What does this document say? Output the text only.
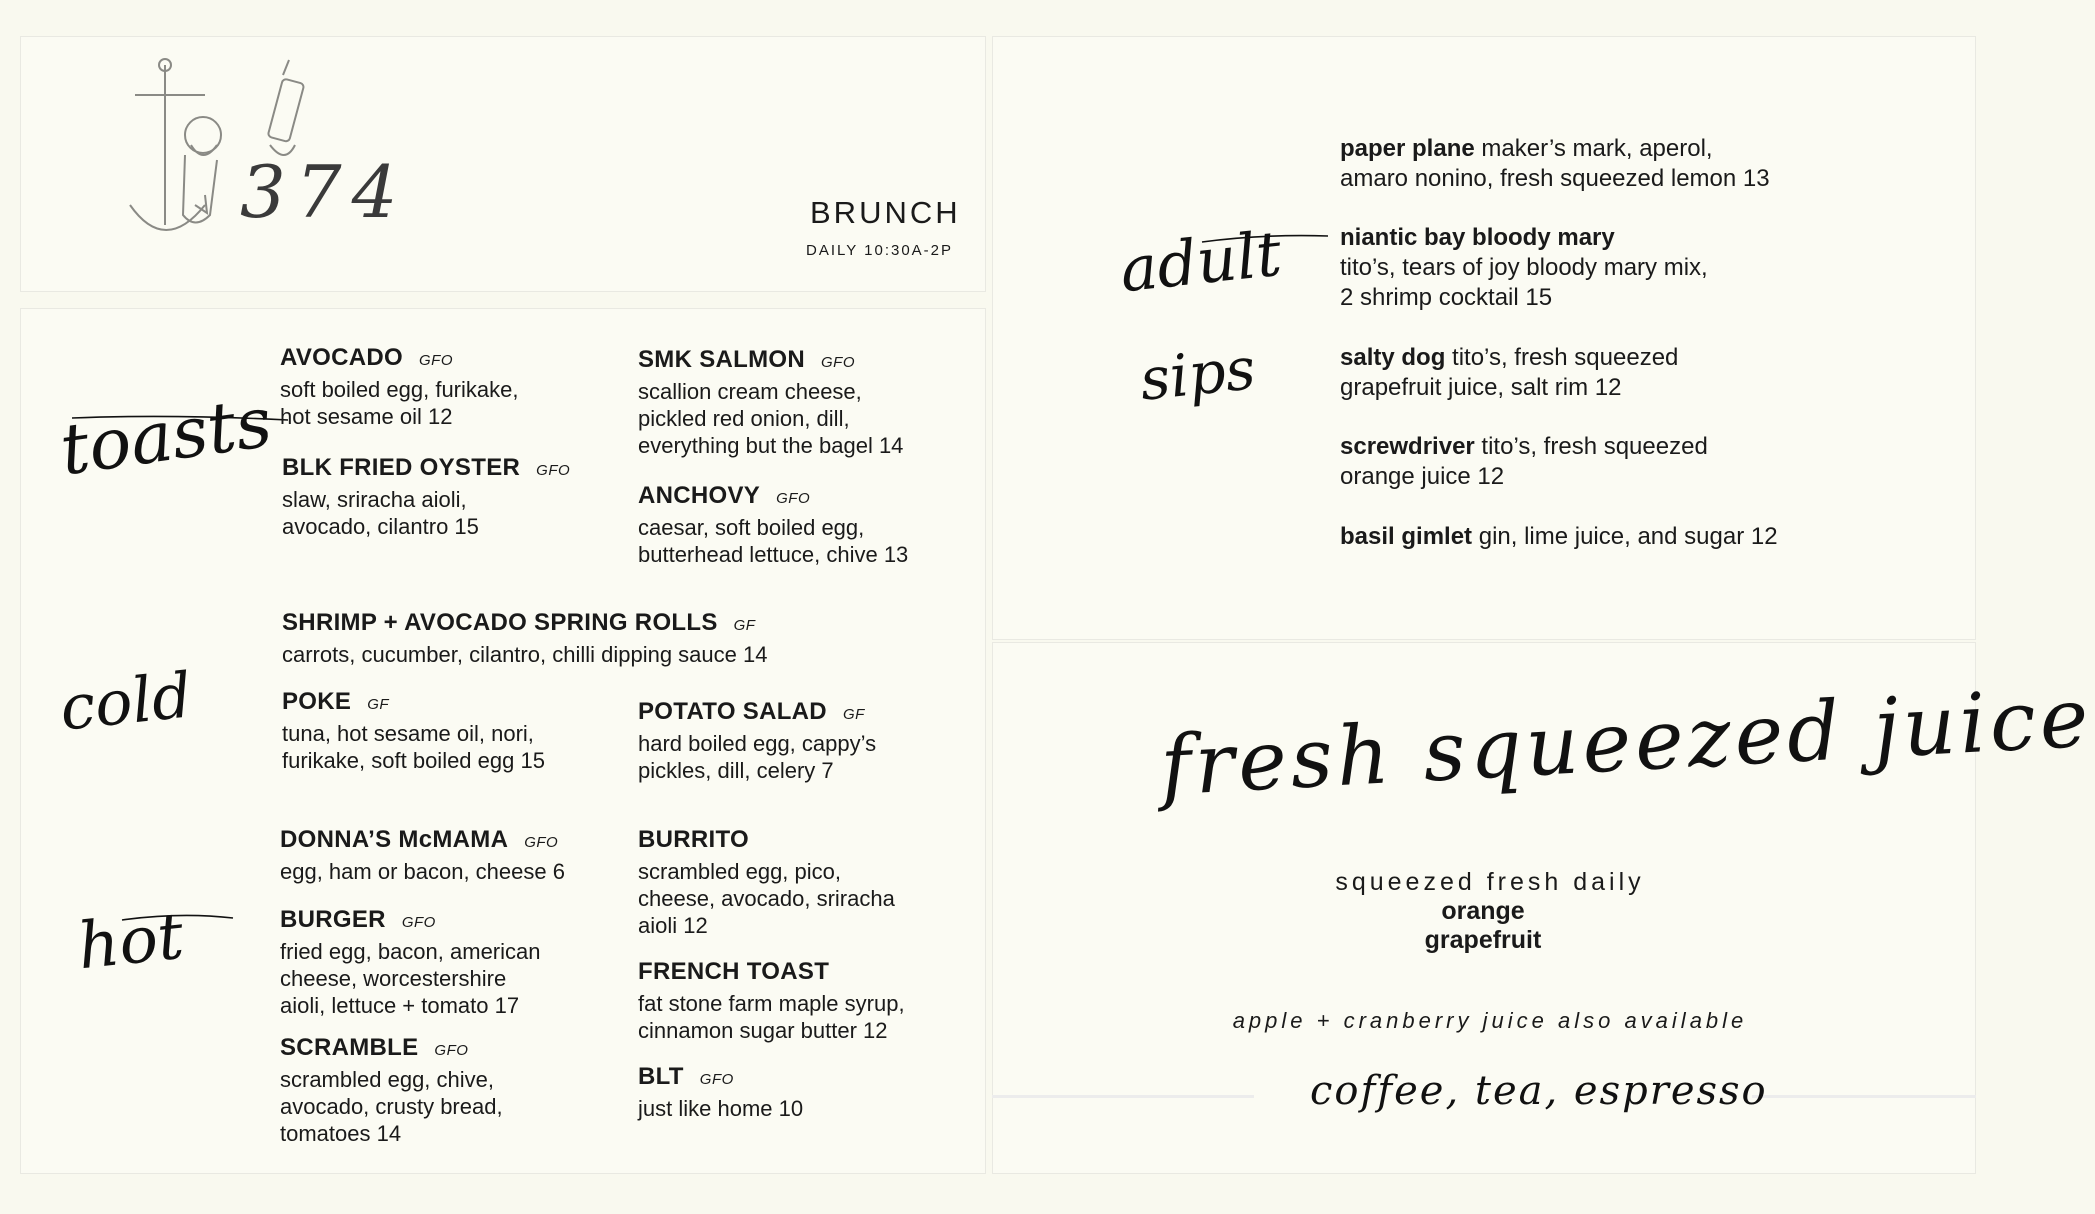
374	BRUNCH
DAILY 10:30A-2P
toasts
cold
hot
AVOCADO GFO
soft boiled egg, furikake,
hot sesame oil 12
BLK FRIED OYSTER GFO
slaw, sriracha aioli,
avocado, cilantro 15
SMK SALMON GFO
scallion cream cheese,
pickled red onion, dill,
everything but the bagel 14
ANCHOVY GFO
caesar, soft boiled egg,
butterhead lettuce, chive 13
SHRIMP + AVOCADO SPRING ROLLS GF
carrots, cucumber, cilantro, chilli dipping sauce 14
POKE GF
tuna, hot sesame oil, nori,
furikake, soft boiled egg 15
POTATO SALAD GF
hard boiled egg, cappy’s
pickles, dill, celery 7
DONNA’S McMAMA GFO
egg, ham or bacon, cheese 6
BURGER GFO
fried egg, bacon, american
cheese, worcestershire
aioli, lettuce + tomato 17
SCRAMBLE GFO
scrambled egg, chive,
avocado, crusty bread,
tomatoes 14
BURRITO
scrambled egg, pico,
cheese, avocado, sriracha
aioli 12
FRENCH TOAST
fat stone farm maple syrup,
cinnamon sugar butter 12
BLT GFO
just like home 10
adult
sips

paper plane maker’s mark, aperol,
amaro nonino, fresh squeezed lemon 13

niantic bay bloody mary
tito’s, tears of joy bloody mary mix,
2 shrimp cocktail 15

salty dog tito’s, fresh squeezed
grapefruit juice, salt rim 12

screwdriver tito’s, fresh squeezed
orange juice 12

basil gimlet gin, lime juice, and sugar 12

fresh squeezed juice
squeezed fresh daily
orange
grapefruit
apple + cranberry juice also available
coffee, tea, espresso
